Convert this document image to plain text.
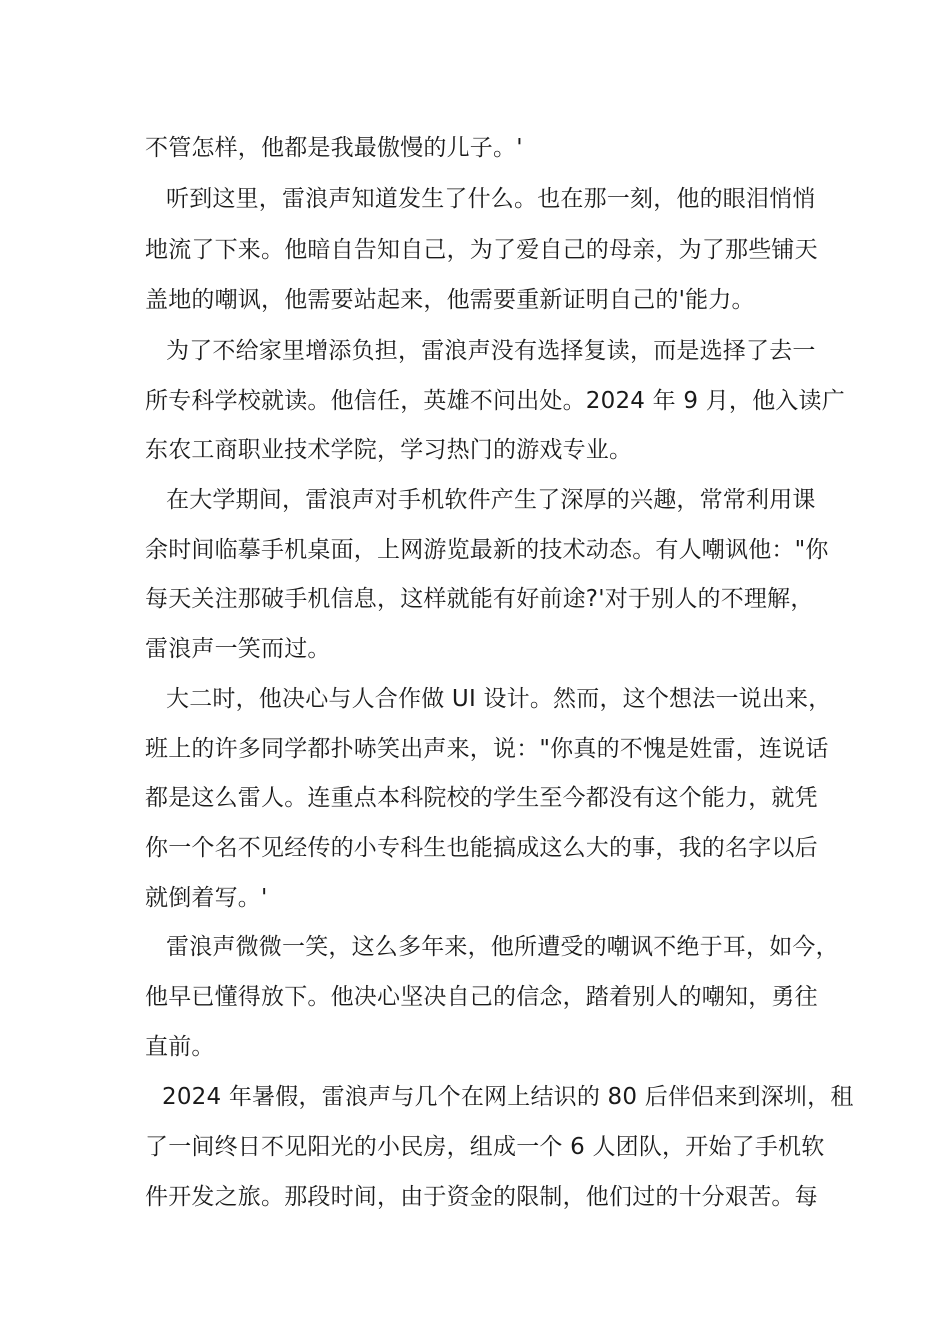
不管怎样，他都是我最傲慢的儿子。'
听到这里，雷浪声知道发生了什么。也在那一刻，他的眼泪悄悄
地流了下来。他暗自告知自己，为了爱自己的母亲，为了那些铺天
盖地的嘲讽，他需要站起来，他需要重新证明自己的'能力。
为了不给家里增添负担，雷浪声没有选择复读，而是选择了去一
所专科学校就读。他信任，英雄不问出处。2024 年 9 月，他入读广
东农工商职业技术学院，学习热门的游戏专业。
在大学期间，雷浪声对手机软件产生了深厚的兴趣，常常利用课
余时间临摹手机桌面，上网游览最新的技术动态。有人嘲讽他："你
每天关注那破手机信息，这样就能有好前途?'对于别人的不理解，
雷浪声一笑而过。
大二时，他决心与人合作做 UI 设计。然而，这个想法一说出来，
班上的许多同学都扑哧笑出声来，说："你真的不愧是姓雷，连说话
都是这么雷人。连重点本科院校的学生至今都没有这个能力，就凭
你一个名不见经传的小专科生也能搞成这么大的事，我的名字以后
就倒着写。'
雷浪声微微一笑，这么多年来，他所遭受的嘲讽不绝于耳，如今，
他早已懂得放下。他决心坚决自己的信念，踏着别人的嘲知，勇往
直前。
2024 年暑假，雷浪声与几个在网上结识的 80 后伴侣来到深圳，租
了一间终日不见阳光的小民房，组成一个 6 人团队，开始了手机软
件开发之旅。那段时间，由于资金的限制，他们过的十分艰苦。每
